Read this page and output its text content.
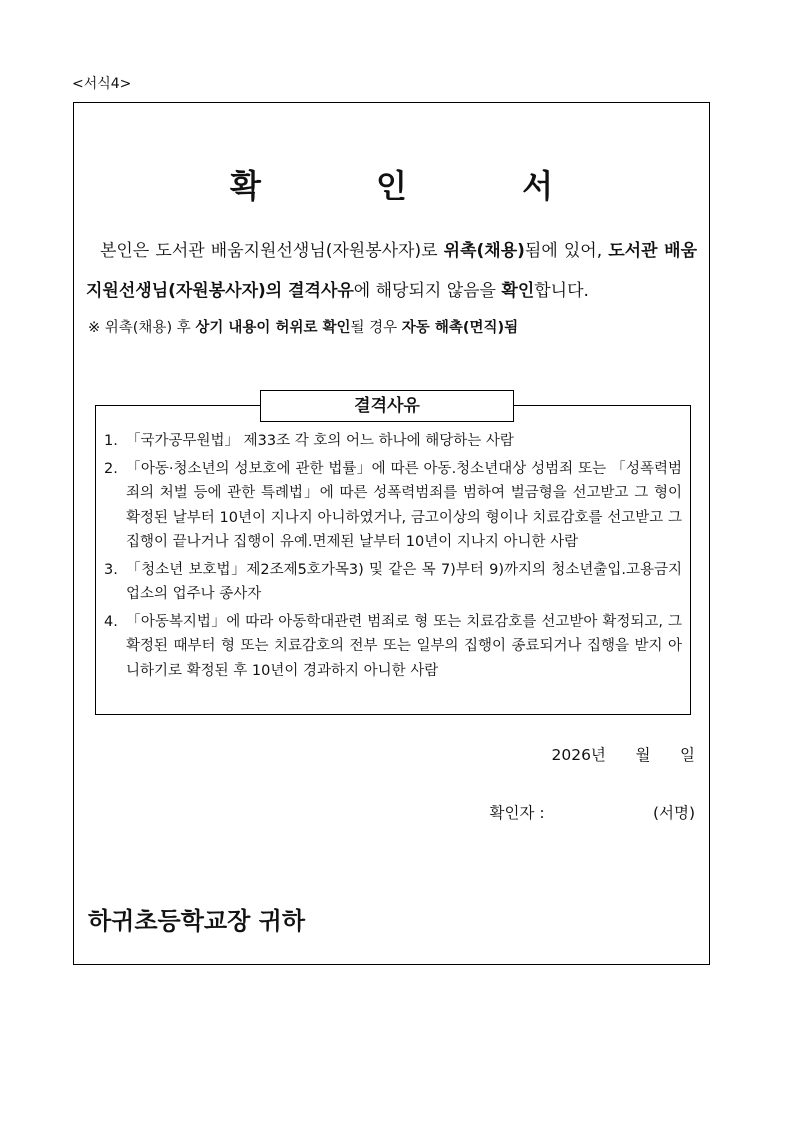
<서식4>
확 인 서
본인은 도서관 배움지원선생님(자원봉사자)로 위촉(채용)됨에 있어, 도서관 배움지원선생님(자원봉사자)의 결격사유에 해당되지 않음을 확인합니다.
※ 위촉(채용) 후 상기 내용이 허위로 확인될 경우 자동 해촉(면직)됨
결격사유
1. 「국가공무원법」 제33조 각 호의 어느 하나에 해당하는 사람
2. 「아동·청소년의 성보호에 관한 법률」에 따른 아동.청소년대상 성범죄 또는 「성폭력범죄의 처벌 등에 관한 특례법」에 따른 성폭력범죄를 범하여 벌금형을 선고받고 그 형이 확정된 날부터 10년이 지나지 아니하였거나, 금고이상의 형이나 치료감호를 선고받고 그 집행이 끝나거나 집행이 유예.면제된 날부터 10년이 지나지 아니한 사람
3. 「청소년 보호법」제2조제5호가목3) 및 같은 목 7)부터 9)까지의 청소년출입.고용금지업소의 업주나 종사자
4. 「아동복지법」에 따라 아동학대관련 범죄로 형 또는 치료감호를 선고받아 확정되고, 그 확정된 때부터 형 또는 치료감호의 전부 또는 일부의 집행이 종료되거나 집행을 받지 아니하기로 확정된 후 10년이 경과하지 아니한 사람
2026년 월 일
확인자 :	(서명)
하귀초등학교장 귀하
